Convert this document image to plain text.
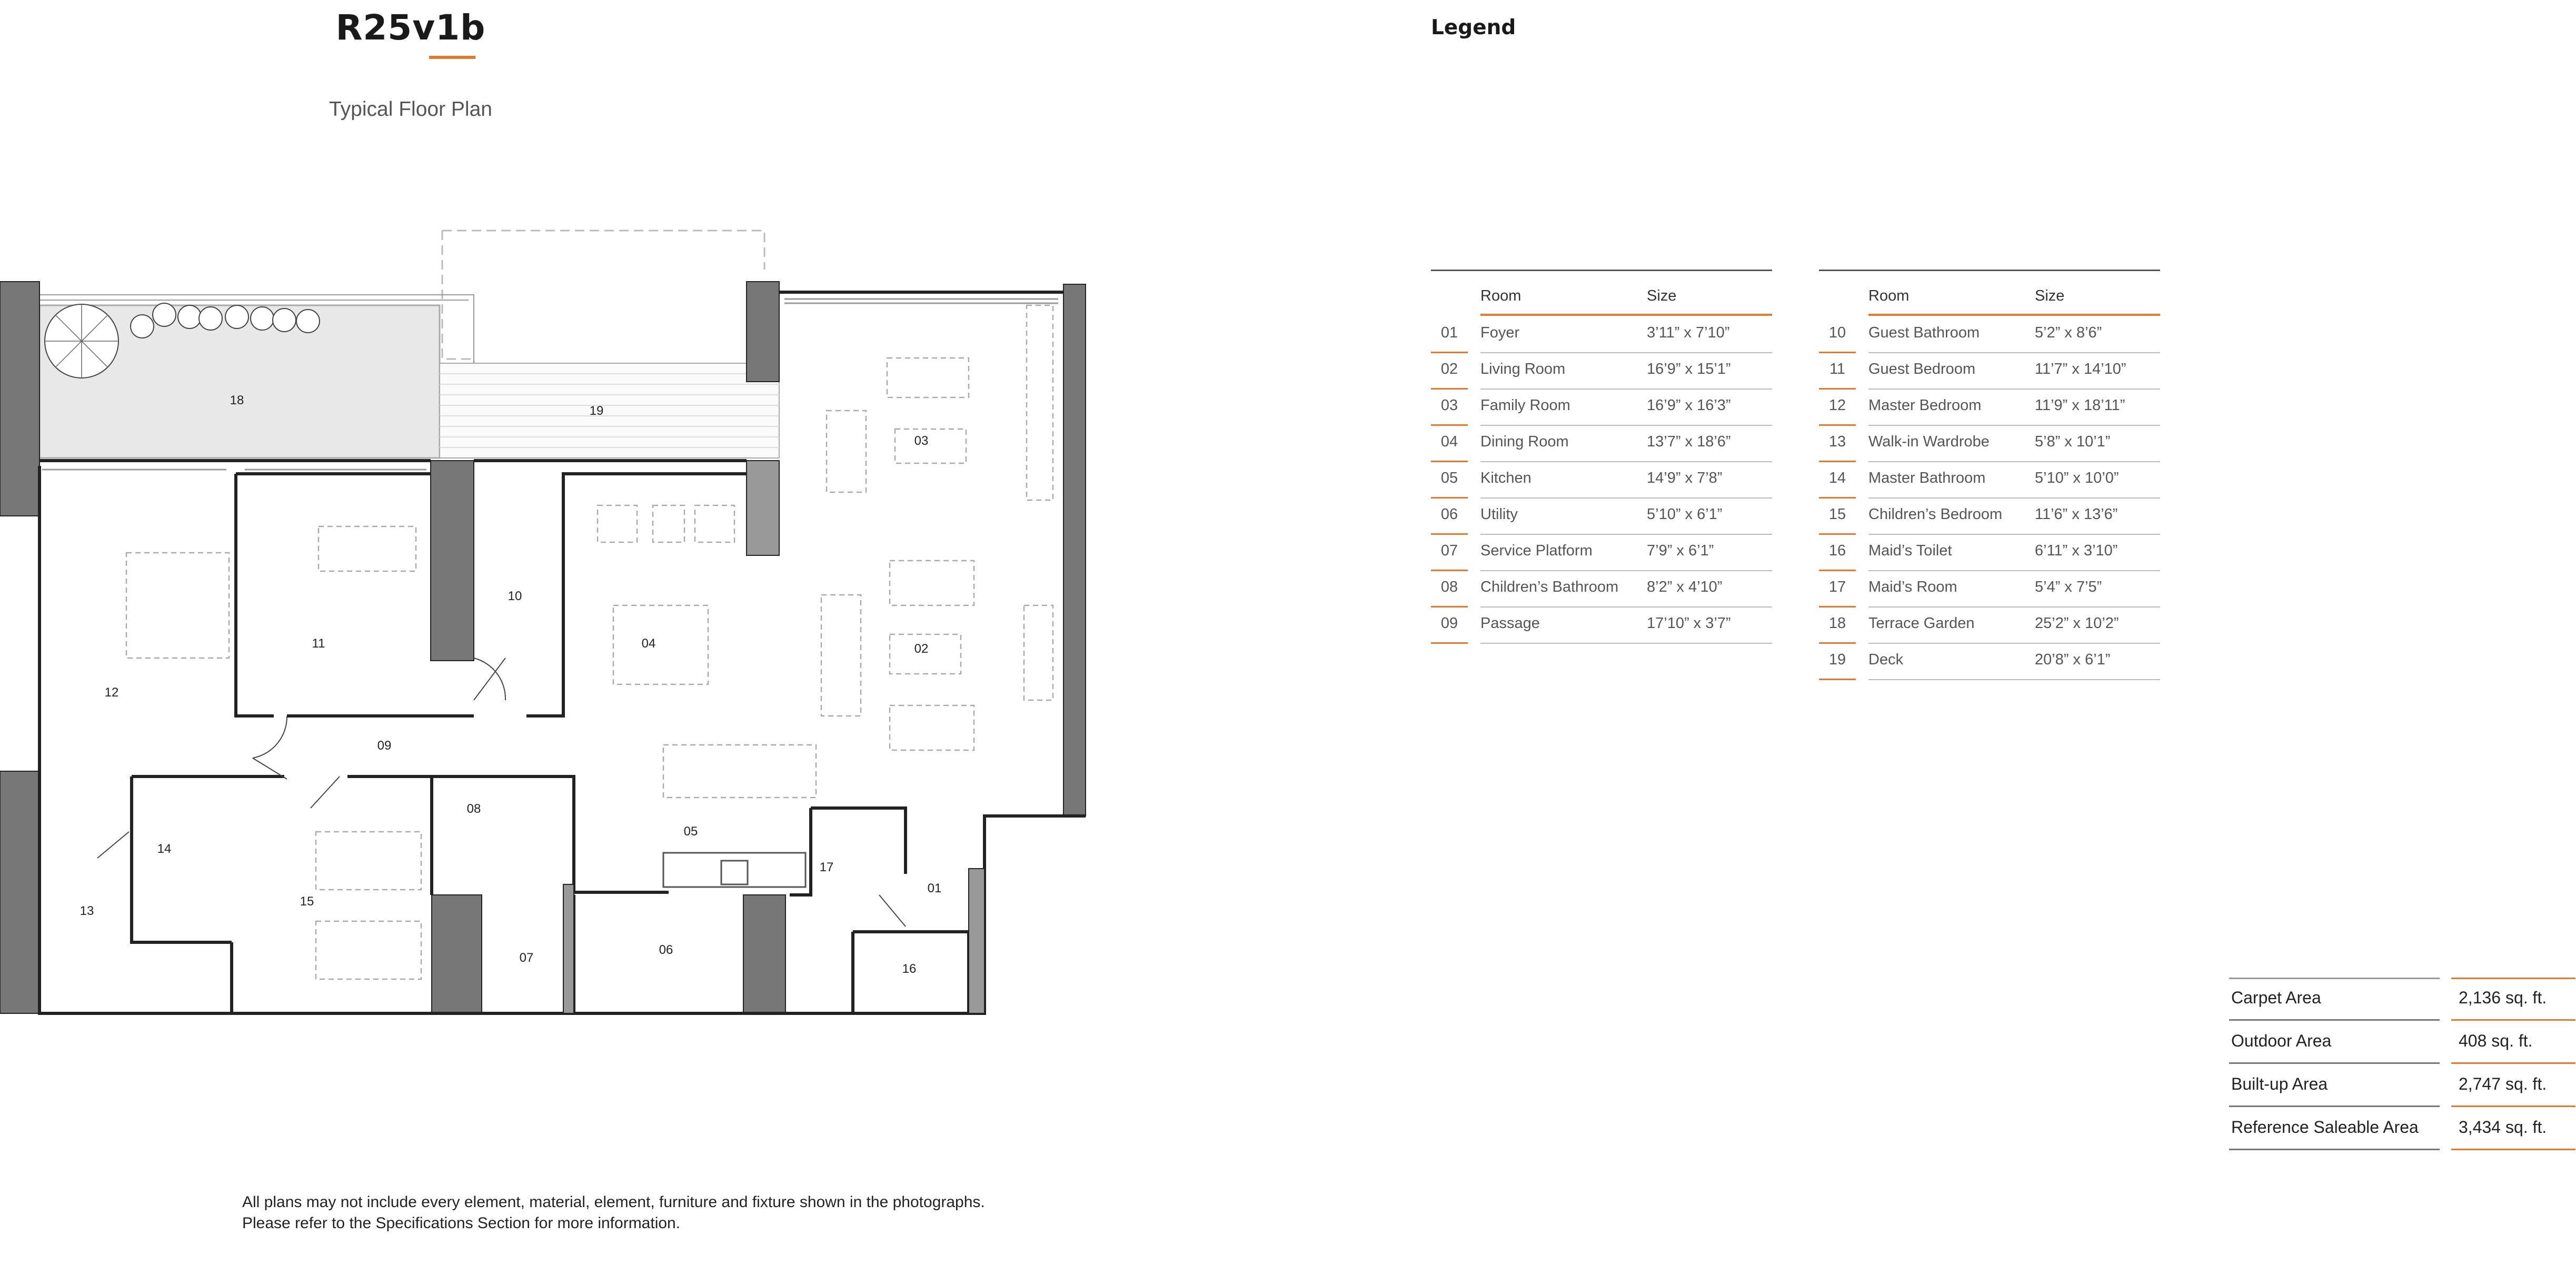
R25v1b
Typical Floor Plan
Legend
01
02
03
04
05
06
07
08
09
10
11
12
13
14
15
16
17
18
19
Room	Size
01	Foyer	3’11” x 7’10”
02	Living Room	16’9” x 15’1”
03	Family Room	16’9” x 16’3”
04	Dining Room	13’7” x 18’6”
05	Kitchen	14’9” x 7’8”
06	Utility	5’10” x 6’1”
07	Service Platform	7’9” x 6’1”
08	Children’s Bathroom 8’2” x 4’10”
09	Passage	17’10” x 3’7”
Room	Size
10	Guest Bathroom	5’2” x 8’6”
11	Guest Bedroom	11’7” x 14’10”
12	Master Bedroom	11’9” x 18’11”
13	Walk-in Wardrobe	5’8” x 10’1”
14	Master Bathroom	5’10” x 10’0”
15	Children’s Bedroom 11’6” x 13’6”
16	Maid’s Toilet	6’11” x 3’10”
17	Maid’s Room	5’4” x 7’5”
18	Terrace Garden	25’2” x 10’2”
19	Deck	20’8” x 6’1”
Carpet Area	2,136 sq. ft.
Outdoor Area	408 sq. ft.
Built-up Area	2,747 sq. ft.
Reference Saleable Area 3,434 sq. ft.
All plans may not include every element, material, element, furniture and fixture shown in the photographs.
Please refer to the Specifications Section for more information.
